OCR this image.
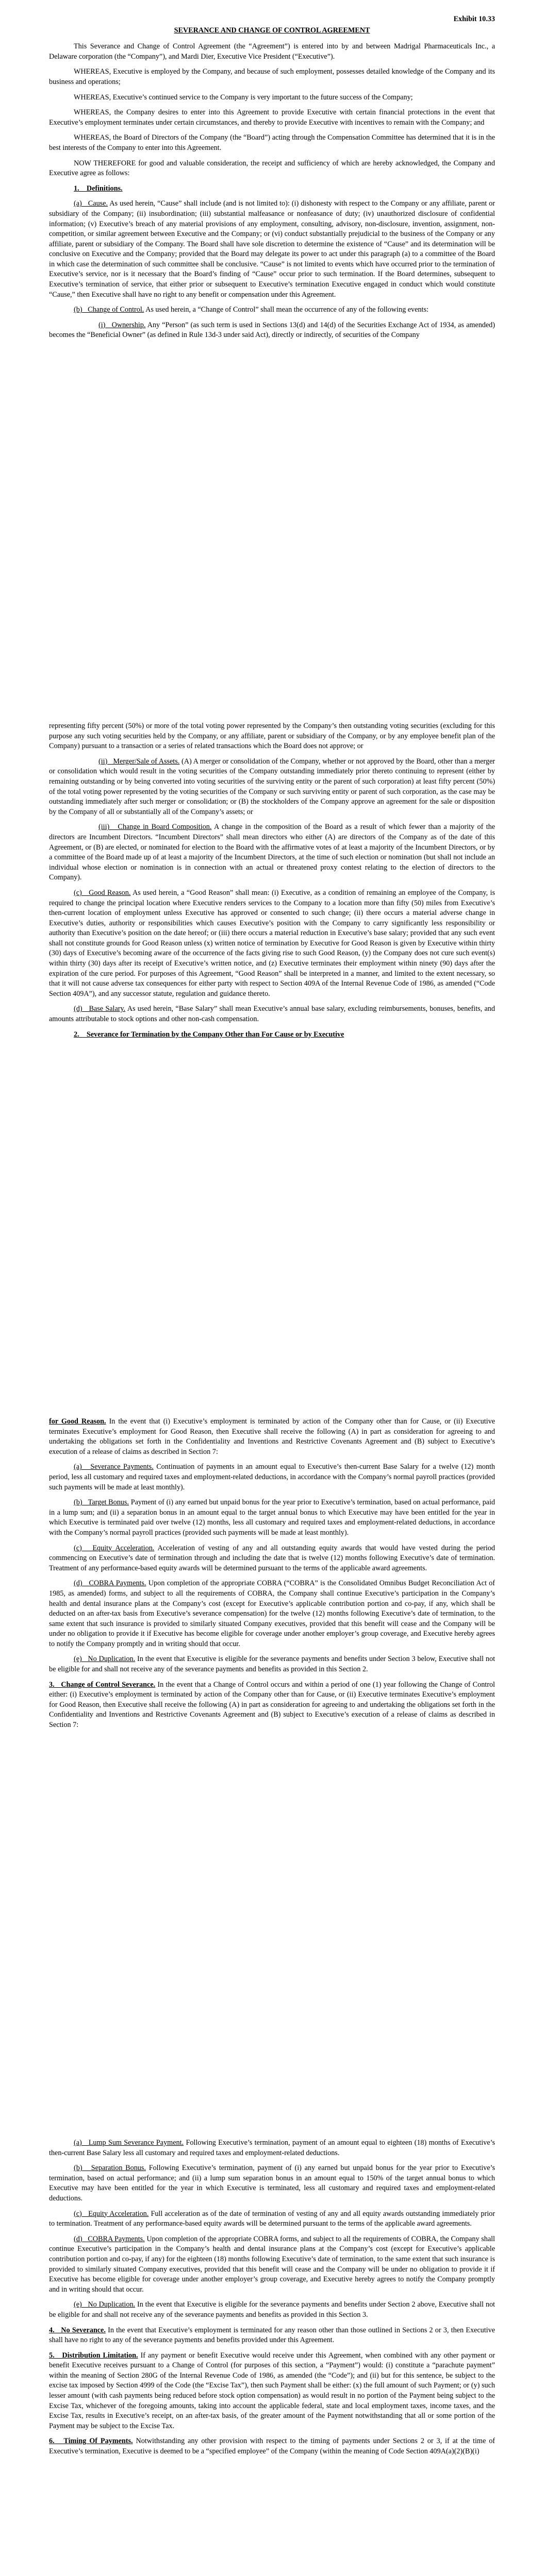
Exhibit 10.33

SEVERANCE AND CHANGE OF CONTROL AGREEMENT

This Severance and Change of Control Agreement (the “Agreement”) is entered into by and between Madrigal Pharmaceuticals Inc., a Delaware corporation (the “Company”), and Mardi Dier, Executive Vice President (“Executive”).

WHEREAS, Executive is employed by the Company, and because of such employment, possesses detailed knowledge of the Company and its business and operations;

WHEREAS, Executive’s continued service to the Company is very important to the future success of the Company;

WHEREAS, the Company desires to enter into this Agreement to provide Executive with certain financial protections in the event that Executive’s employment terminates under certain circumstances, and thereby to provide Executive with incentives to remain with the Company; and

WHEREAS, the Board of Directors of the Company (the “Board”) acting through the Compensation Committee has determined that it is in the best interests of the Company to enter into this Agreement.

NOW THEREFORE for good and valuable consideration, the receipt and sufficiency of which are hereby acknowledged, the Company and Executive agree as follows:

1.    Definitions.

(a)   Cause. As used herein, “Cause” shall include (and is not limited to): (i) dishonesty with respect to the Company or any affiliate, parent or subsidiary of the Company; (ii) insubordination; (iii) substantial malfeasance or nonfeasance of duty; (iv) unauthorized disclosure of confidential information; (v) Executive’s breach of any material provisions of any employment, consulting, advisory, non-disclosure, invention, assignment, non-competition, or similar agreement between Executive and the Company; or (vi) conduct substantially prejudicial to the business of the Company or any affiliate, parent or subsidiary of the Company. The Board shall have sole discretion to determine the existence of “Cause” and its determination will be conclusive on Executive and the Company; provided that the Board may delegate its power to act under this paragraph (a) to a committee of the Board in which case the determination of such committee shall be conclusive. “Cause” is not limited to events which have occurred prior to the termination of Executive’s service, nor is it necessary that the Board’s finding of “Cause” occur prior to such termination. If the Board determines, subsequent to Executive’s termination of service, that either prior or subsequent to Executive’s termination Executive engaged in conduct which would constitute “Cause,” then Executive shall have no right to any benefit or compensation under this Agreement.

(b)   Change of Control. As used herein, a “Change of Control” shall mean the occurrence of any of the following events:

(i)   Ownership. Any “Person” (as such term is used in Sections 13(d) and 14(d) of the Securities Exchange Act of 1934, as amended) becomes the “Beneficial Owner” (as defined in Rule 13d-3 under said Act), directly or indirectly, of securities of the Company

representing fifty percent (50%) or more of the total voting power represented by the Company’s then outstanding voting securities (excluding for this purpose any such voting securities held by the Company, or any affiliate, parent or subsidiary of the Company, or by any employee benefit plan of the Company) pursuant to a transaction or a series of related transactions which the Board does not approve; or

(ii)   Merger/Sale of Assets. (A) A merger or consolidation of the Company, whether or not approved by the Board, other than a merger or consolidation which would result in the voting securities of the Company outstanding immediately prior thereto continuing to represent (either by remaining outstanding or by being converted into voting securities of the surviving entity or the parent of such corporation) at least fifty percent (50%) of the total voting power represented by the voting securities of the Company or such surviving entity or parent of such corporation, as the case may be outstanding immediately after such merger or consolidation; or (B) the stockholders of the Company approve an agreement for the sale or disposition by the Company of all or substantially all of the Company’s assets; or

(iii)   Change in Board Composition. A change in the composition of the Board as a result of which fewer than a majority of the directors are Incumbent Directors. “Incumbent Directors” shall mean directors who either (A) are directors of the Company as of the date of this Agreement, or (B) are elected, or nominated for election to the Board with the affirmative votes of at least a majority of the Incumbent Directors, or by a committee of the Board made up of at least a majority of the Incumbent Directors, at the time of such election or nomination (but shall not include an individual whose election or nomination is in connection with an actual or threatened proxy contest relating to the election of directors to the Company).

(c)   Good Reason. As used herein, a “Good Reason” shall mean: (i) Executive, as a condition of remaining an employee of the Company, is required to change the principal location where Executive renders services to the Company to a location more than fifty (50) miles from Executive’s then-current location of employment unless Executive has approved or consented to such change; (ii) there occurs a material adverse change in Executive’s duties, authority or responsibilities which causes Executive’s position with the Company to carry significantly less responsibility or authority than Executive’s position on the date hereof; or (iii) there occurs a material reduction in Executive’s base salary; provided that any such event shall not constitute grounds for Good Reason unless (x) written notice of termination by Executive for Good Reason is given by Executive within thirty (30) days of Executive’s becoming aware of the occurrence of the facts giving rise to such Good Reason, (y) the Company does not cure such event(s) within thirty (30) days after its receipt of Executive’s written notice, and (z) Executive terminates their employment within ninety (90) days after the expiration of the cure period. For purposes of this Agreement, “Good Reason” shall be interpreted in a manner, and limited to the extent necessary, so that it will not cause adverse tax consequences for either party with respect to Section 409A of the Internal Revenue Code of 1986, as amended (“Code Section 409A”), and any successor statute, regulation and guidance thereto.

(d)   Base Salary. As used herein, “Base Salary” shall mean Executive’s annual base salary, excluding reimbursements, bonuses, benefits, and amounts attributable to stock options and other non-cash compensation.

2.    Severance for Termination by the Company Other than For Cause or by Executive

for Good Reason. In the event that (i) Executive’s employment is terminated by action of the Company other than for Cause, or (ii) Executive terminates Executive’s employment for Good Reason, then Executive shall receive the following (A) in part as consideration for agreeing to and undertaking the obligations set forth in the Confidentiality and Inventions and Restrictive Covenants Agreement and (B) subject to Executive’s execution of a release of claims as described in Section 7:

(a)   Severance Payments. Continuation of payments in an amount equal to Executive’s then-current Base Salary for a twelve (12) month period, less all customary and required taxes and employment-related deductions, in accordance with the Company’s normal payroll practices (provided such payments will be made at least monthly).

(b)   Target Bonus. Payment of (i) any earned but unpaid bonus for the year prior to Executive’s termination, based on actual performance, paid in a lump sum; and (ii) a separation bonus in an amount equal to the target annual bonus to which Executive may have been entitled for the year in which Executive is terminated paid over twelve (12) months, less all customary and required taxes and employment-related deductions, in accordance with the Company’s normal payroll practices (provided such payments will be made at least monthly).

(c)   Equity Acceleration. Acceleration of vesting of any and all outstanding equity awards that would have vested during the period commencing on Executive’s date of termination through and including the date that is twelve (12) months following Executive’s date of termination. Treatment of any performance-based equity awards will be determined pursuant to the terms of the applicable award agreements.

(d)   COBRA Payments. Upon completion of the appropriate COBRA (“COBRA” is the Consolidated Omnibus Budget Reconciliation Act of 1985, as amended) forms, and subject to all the requirements of COBRA, the Company shall continue Executive’s participation in the Company’s health and dental insurance plans at the Company’s cost (except for Executive’s applicable contribution portion and co-pay, if any, which shall be deducted on an after-tax basis from Executive’s severance compensation) for the twelve (12) months following Executive’s date of termination, to the same extent that such insurance is provided to similarly situated Company executives, provided that this benefit will cease and the Company will be under no obligation to provide it if Executive has become eligible for coverage under another employer’s group coverage, and Executive hereby agrees to notify the Company promptly and in writing should that occur.

(e)   No Duplication. In the event that Executive is eligible for the severance payments and benefits under Section 3 below, Executive shall not be eligible for and shall not receive any of the severance payments and benefits as provided in this Section 2.

3.   Change of Control Severance. In the event that a Change of Control occurs and within a period of one (1) year following the Change of Control either: (i) Executive’s employment is terminated by action of the Company other than for Cause, or (ii) Executive terminates Executive’s employment for Good Reason, then Executive shall receive the following (A) in part as consideration for agreeing to and undertaking the obligations set forth in the Confidentiality and Inventions and Restrictive Covenants Agreement and (B) subject to Executive’s execution of a release of claims as described in Section 7:

(a)   Lump Sum Severance Payment. Following Executive’s termination, payment of an amount equal to eighteen (18) months of Executive’s then-current Base Salary less all customary and required taxes and employment-related deductions.

(b)   Separation Bonus. Following Executive’s termination, payment of (i) any earned but unpaid bonus for the year prior to Executive’s termination, based on actual performance; and (ii) a lump sum separation bonus in an amount equal to 150% of the target annual bonus to which Executive may have been entitled for the year in which Executive is terminated, less all customary and required taxes and employment-related deductions.

(c)   Equity Acceleration. Full acceleration as of the date of termination of vesting of any and all equity awards outstanding immediately prior to termination. Treatment of any performance-based equity awards will be determined pursuant to the terms of the applicable award agreements.

(d)   COBRA Payments. Upon completion of the appropriate COBRA forms, and subject to all the requirements of COBRA, the Company shall continue Executive’s participation in the Company’s health and dental insurance plans at the Company’s cost (except for Executive’s applicable contribution portion and co-pay, if any) for the eighteen (18) months following Executive’s date of termination, to the same extent that such insurance is provided to similarly situated Company executives, provided that this benefit will cease and the Company will be under no obligation to provide it if Executive has become eligible for coverage under another employer’s group coverage, and Executive hereby agrees to notify the Company promptly and in writing should that occur.

(e)   No Duplication. In the event that Executive is eligible for the severance payments and benefits under Section 2 above, Executive shall not be eligible for and shall not receive any of the severance payments and benefits as provided in this Section 3.

4.   No Severance. In the event that Executive’s employment is terminated for any reason other than those outlined in Sections 2 or 3, then Executive shall have no right to any of the severance payments and benefits provided under this Agreement.

5.   Distribution Limitation. If any payment or benefit Executive would receive under this Agreement, when combined with any other payment or benefit Executive receives pursuant to a Change of Control (for purposes of this section, a “Payment”) would: (i) constitute a “parachute payment” within the meaning of Section 280G of the Internal Revenue Code of 1986, as amended (the “Code”); and (ii) but for this sentence, be subject to the excise tax imposed by Section 4999 of the Code (the “Excise Tax”), then such Payment shall be either: (x) the full amount of such Payment; or (y) such lesser amount (with cash payments being reduced before stock option compensation) as would result in no portion of the Payment being subject to the Excise Tax, whichever of the foregoing amounts, taking into account the applicable federal, state and local employment taxes, income taxes, and the Excise Tax, results in Executive’s receipt, on an after-tax basis, of the greater amount of the Payment notwithstanding that all or some portion of the Payment may be subject to the Excise Tax.

6.   Timing Of Payments. Notwithstanding any other provision with respect to the timing of payments under Sections 2 or 3, if at the time of Executive’s termination, Executive is deemed to be a “specified employee” of the Company (within the meaning of Code Section 409A(a)(2)(B)(i)
